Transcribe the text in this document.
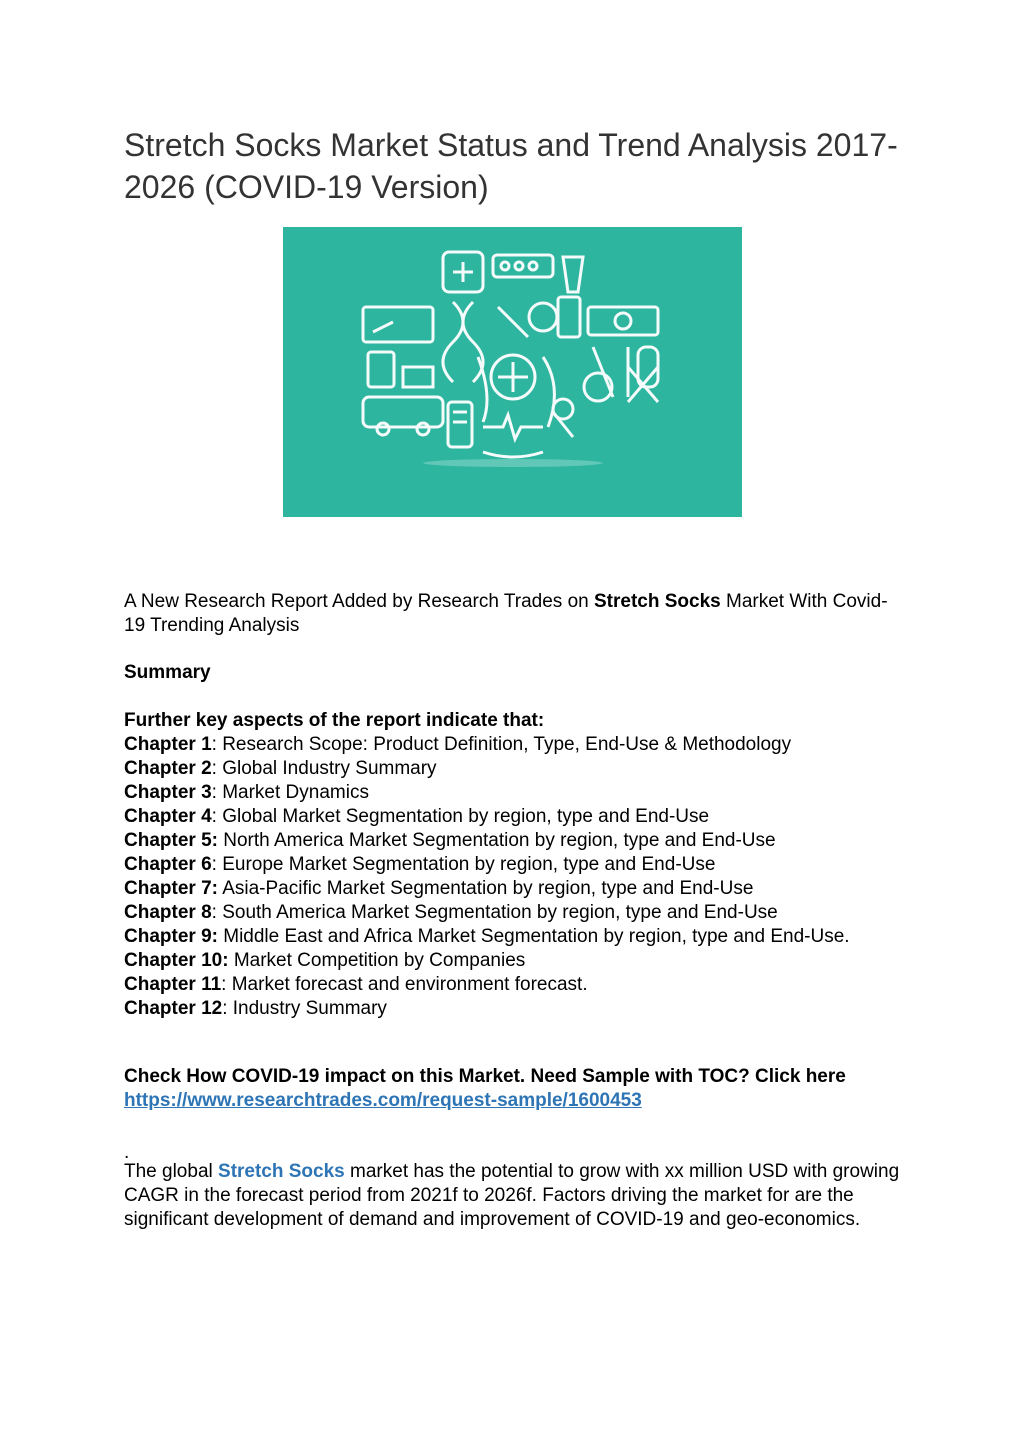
Stretch Socks Market Status and Trend Analysis 2017-2026 (COVID-19 Version)

A New Research Report Added by Research Trades on Stretch Socks Market With Covid-19 Trending Analysis

Summary

Further key aspects of the report indicate that:
Chapter 1: Research Scope: Product Definition, Type, End-Use & Methodology
Chapter 2: Global Industry Summary
Chapter 3: Market Dynamics
Chapter 4: Global Market Segmentation by region, type and End-Use
Chapter 5: North America Market Segmentation by region, type and End-Use
Chapter 6: Europe Market Segmentation by region, type and End-Use
Chapter 7: Asia-Pacific Market Segmentation by region, type and End-Use
Chapter 8: South America Market Segmentation by region, type and End-Use
Chapter 9: Middle East and Africa Market Segmentation by region, type and End-Use.
Chapter 10: Market Competition by Companies
Chapter 11: Market forecast and environment forecast.
Chapter 12: Industry Summary

Check How COVID-19 impact on this Market. Need Sample with TOC? Click here https://www.researchtrades.com/request-sample/1600453

.

The global Stretch Socks market has the potential to grow with xx million USD with growing CAGR in the forecast period from 2021f to 2026f. Factors driving the market for are the significant development of demand and improvement of COVID-19 and geo-economics.
